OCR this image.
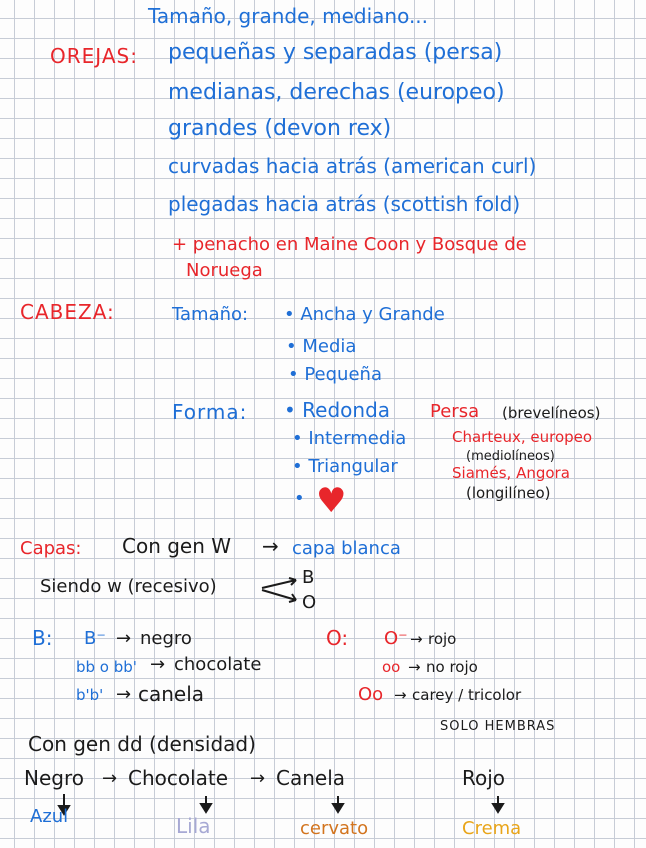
Tamaño, grande, mediano...
OREJAS: pequeñas y separadas (persa)
medianas, derechas (europeo)
grandes (devon rex)
curvadas hacia atrás (american curl)
plegadas hacia atrás (scottish fold)
+ penacho en Maine Coon y Bosque de
Noruega
CABEZA:	Tamaño: • Ancha y Grande
• Media
• Pequeña
Forma: • Redonda Persa (brevelíneos)
• Intermedia	Charteux, europeo
(mediolíneos)
• Triangular	Siamés, Angora
(longilíneo)
• ♥
Capas: Con gen W → capa blanca
Siendo w (recesivo)	B
O
B: B⁻ → negro
bb o bb' → chocolate
b'b' → canela
O: O⁻ → rojo
oo → no rojo
Oo → carey / tricolor
SOLO HEMBRAS
Con gen dd (densidad)
Negro → Chocolate → Canela	Rojo
Azul	Lila	cervato	Crema
